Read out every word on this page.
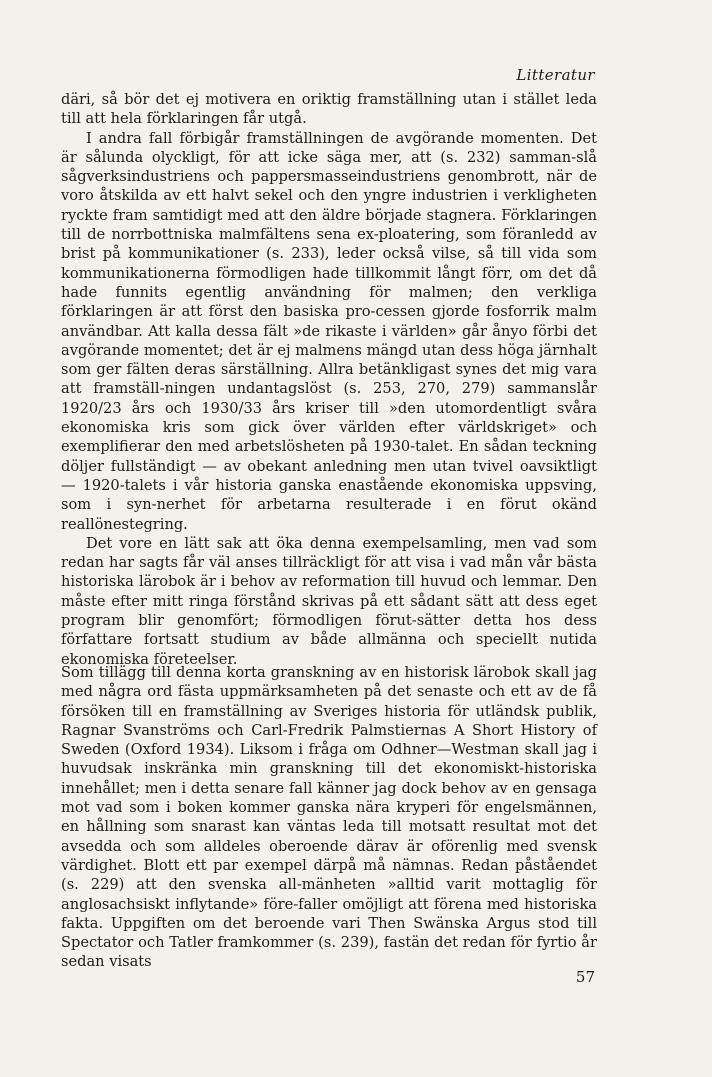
Litteratur

däri, så bör det ej motivera en oriktig framställning utan i stället leda till att hela förklaringen får utgå.

I andra fall förbigår framställningen de avgörande momenten. Det är sålunda olyckligt, för att icke säga mer, att (s. 232) samman-slå sågverksindustriens och pappersmasseindustriens genombrott, när de voro åtskilda av ett halvt sekel och den yngre industrien i verkligheten ryckte fram samtidigt med att den äldre började stagnera. Förklaringen till de norrbottniska malmfältens sena ex-ploatering, som föranledd av brist på kommunikationer (s. 233), leder också vilse, så till vida som kommunikationerna förmodligen hade tillkommit långt förr, om det då hade funnits egentlig användning för malmen; den verkliga förklaringen är att först den basiska pro-cessen gjorde fosforrik malm användbar. Att kalla dessa fält »de rikaste i världen» går ånyo förbi det avgörande momentet; det är ej malmens mängd utan dess höga järnhalt som ger fälten deras särställning. Allra betänkligast synes det mig vara att framställ-ningen undantagslöst (s. 253, 270, 279) sammanslår 1920/23 års och 1930/33 års kriser till »den utomordentligt svåra ekonomiska kris som gick över världen efter världskriget» och exemplifierar den med arbetslösheten på 1930-talet. En sådan teckning döljer fullständigt — av obekant anledning men utan tvivel oavsiktligt — 1920-talets i vår historia ganska enastående ekonomiska uppsving, som i syn-nerhet för arbetarna resulterade i en förut okänd reallönestegring.

Det vore en lätt sak att öka denna exempelsamling, men vad som redan har sagts får väl anses tillräckligt för att visa i vad mån vår bästa historiska lärobok är i behov av reformation till huvud och lemmar. Den måste efter mitt ringa förstånd skrivas på ett sådant sätt att dess eget program blir genomfört; förmodligen förut-sätter detta hos dess författare fortsatt studium av både allmänna och speciellt nutida ekonomiska företeelser.

Som tillägg till denna korta granskning av en historisk lärobok skall jag med några ord fästa uppmärksamheten på det senaste och ett av de få försöken till en framställning av Sveriges historia för utländsk publik, Ragnar Svanströms och Carl-Fredrik Palmstiernas A Short History of Sweden (Oxford 1934). Liksom i fråga om Odhner—Westman skall jag i huvudsak inskränka min granskning till det ekonomiskt-historiska innehållet; men i detta senare fall känner jag dock behov av en gensaga mot vad som i boken kommer ganska nära kryperi för engelsmännen, en hållning som snarast kan väntas leda till motsatt resultat mot det avsedda och som alldeles oberoende därav är oförenlig med svensk värdighet. Blott ett par exempel därpå må nämnas. Redan påståendet (s. 229) att den svenska all-mänheten »alltid varit mottaglig för anglosachsiskt inflytande» före-faller omöjligt att förena med historiska fakta. Uppgiften om det beroende vari Then Swänska Argus stod till Spectator och Tatler framkommer (s. 239), fastän det redan för fyrtio år sedan visats

57
